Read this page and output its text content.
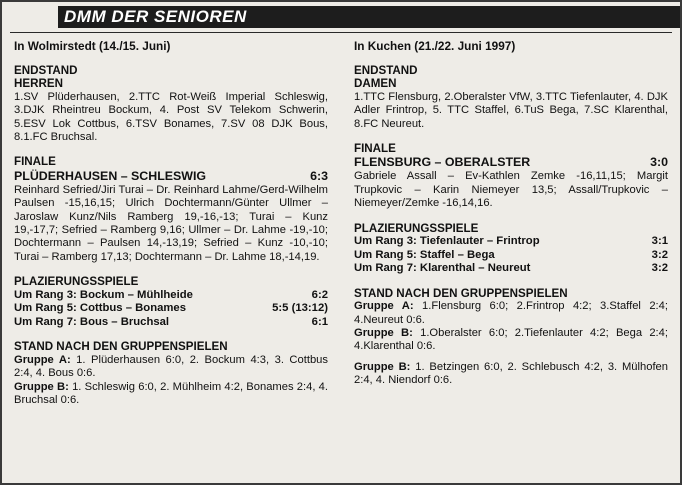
DMM DER SENIOREN
In Wolmirstedt (14./15. Juni)
ENDSTAND
HERREN

1.SV Plüderhausen, 2.TTC Rot-Weiß Imperial Schleswig, 3.DJK Rheintreu Bockum, 4. Post SV Telekom Schwerin, 5.ESV Lok Cottbus, 6.TSV Bonames, 7.SV 08 DJK Bous, 8.1.FC Bruchsal.

FINALE
PLÜDERHAUSEN – SCHLESWIG	6:3

Reinhard Sefried/Jiri Turai – Dr. Reinhard Lahme/Gerd-Wilhelm Paulsen -15,16,15; Ulrich Dochtermann/Günter Ullmer – Jaroslaw Kunz/Nils Ramberg 19,-16,-13; Turai – Kunz 19,-17,7; Sefried – Ramberg 9,16; Ullmer – Dr. Lahme -19,-10; Dochtermann – Paulsen 14,-13,19; Sefried – Kunz -10,-10; Turai – Ramberg 17,13; Dochtermann – Dr. Lahme 18,-14,19.

PLAZIERUNGSSPIELE
Um Rang 3: Bockum – Mühlheide	6:2
Um Rang 5: Cottbus – Bonames	5:5 (13:12)
Um Rang 7: Bous – Bruchsal	6:1
STAND NACH DEN GRUPPENSPIELEN

Gruppe A: 1. Plüderhausen 6:0, 2. Bockum 4:3, 3. Cottbus 2:4, 4. Bous 0:6.

Gruppe B: 1. Schleswig 6:0, 2. Mühlheim 4:2, Bonames 2:4, 4. Bruchsal 0:6.

In Kuchen (21./22. Juni 1997)
ENDSTAND
DAMEN

1.TTC Flensburg, 2.Oberalster VfW, 3.TTC Tiefenlauter, 4. DJK Adler Frintrop, 5. TTC Staffel, 6.TuS Bega, 7.SC Klarenthal, 8.FC Neureut.

FINALE
FLENSBURG – OBERALSTER	3:0

Gabriele Assall – Ev-Kathlen Zemke -16,11,15; Margit Trupkovic – Karin Niemeyer 13,5; Assall/Trupkovic – Niemeyer/Zemke -16,14,16.

PLAZIERUNGSSPIELE
Um Rang 3: Tiefenlauter – Frintrop	3:1
Um Rang 5: Staffel – Bega	3:2
Um Rang 7: Klarenthal – Neureut	3:2
STAND NACH DEN GRUPPENSPIELEN

Gruppe A: 1.Flensburg 6:0; 2.Frintrop 4:2; 3.Staffel 2:4; 4.Neureut 0:6.

Gruppe B: 1.Oberalster 6:0; 2.Tiefenlauter 4:2; Bega 2:4; 4.Klarenthal 0:6.

Gruppe B: 1. Betzingen 6:0, 2. Schlebusch 4:2, 3. Mülhofen 2:4, 4. Niendorf 0:6.
